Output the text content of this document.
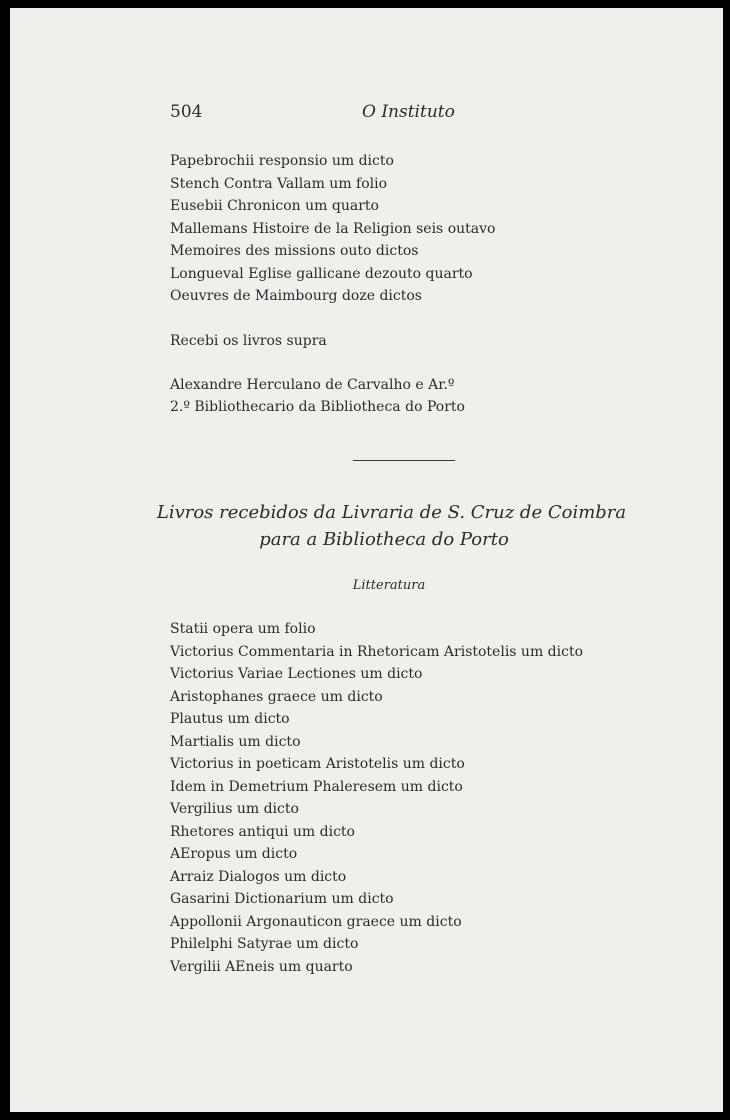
504	O Instituto
Papebrochii responsio um dicto
Stench Contra Vallam um folio
Eusebii Chronicon um quarto
Mallemans Histoire de la Religion seis outavo
Memoires des missions outo dictos
Longueval Eglise gallicane dezouto quarto
Oeuvres de Maimbourg doze dictos
Recebi os livros supra
Alexandre Herculano de Carvalho e Ar.º
2.º Bibliothecario da Bibliotheca do Porto
Livros recebidos da Livraria de S. Cruz de Coimbra
para a Bibliotheca do Porto
Litteratura
Statii opera um folio
Victorius Commentaria in Rhetoricam Aristotelis um dicto
Victorius Variae Lectiones um dicto
Aristophanes graece um dicto
Plautus um dicto
Martialis um dicto
Victorius in poeticam Aristotelis um dicto
Idem in Demetrium Phaleresem um dicto
Vergilius um dicto
Rhetores antiqui um dicto
AEropus um dicto
Arraiz Dialogos um dicto
Gasarini Dictionarium um dicto
Appollonii Argonauticon graece um dicto
Philelphi Satyrae um dicto
Vergilii AEneis um quarto
